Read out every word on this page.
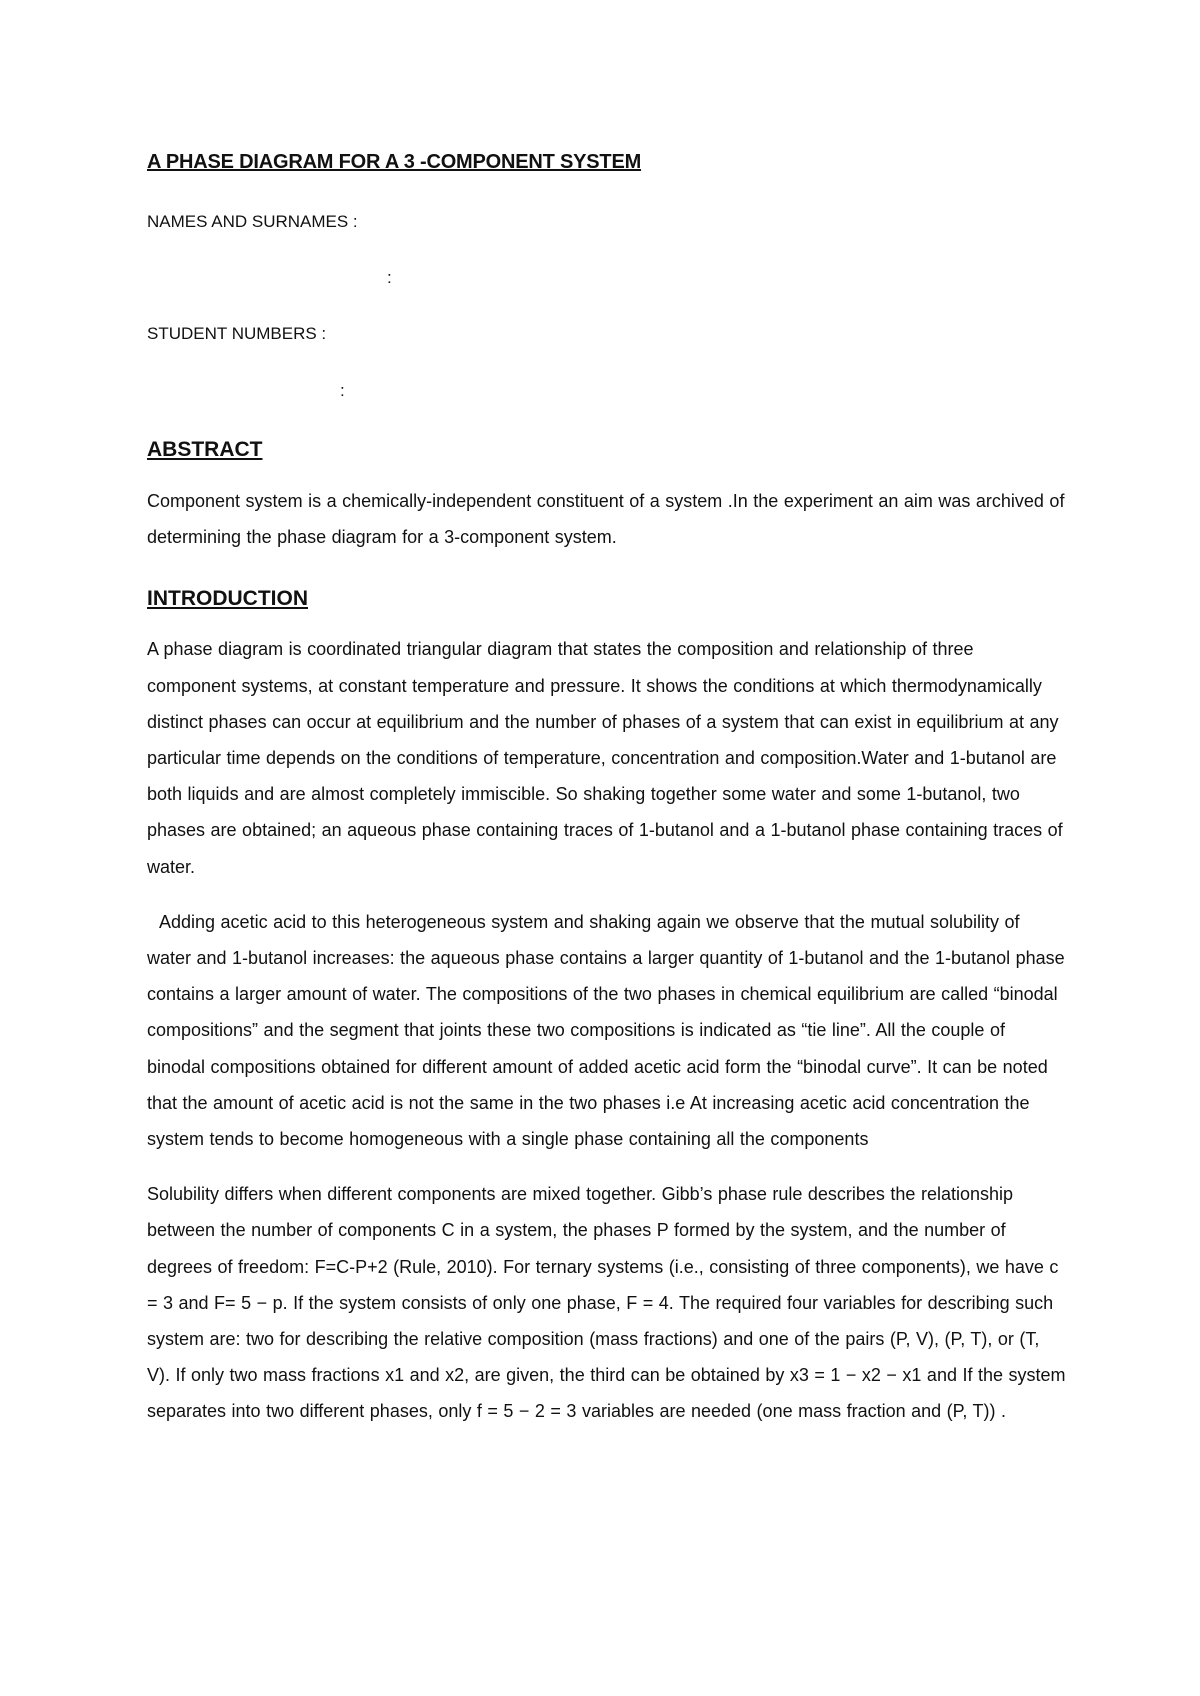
A PHASE DIAGRAM FOR A 3 -COMPONENT SYSTEM

NAMES AND SURNAMES :

:

STUDENT NUMBERS :

:

ABSTRACT

Component system is a chemically-independent constituent of a system .In the experiment an aim was archived of determining the phase diagram for a 3-component system.

INTRODUCTION

A phase diagram is coordinated triangular diagram that states the composition and relationship of three component systems, at constant temperature and pressure. It shows the conditions at which thermodynamically distinct phases can occur at equilibrium and the number of phases of a system that can exist in equilibrium at any particular time depends on the conditions of temperature, concentration and composition.Water and 1-butanol are both liquids and are almost completely immiscible. So shaking together some water and some 1-butanol, two phases are obtained; an aqueous phase containing traces of 1-butanol and a 1-butanol phase containing traces of water.

Adding acetic acid to this heterogeneous system and shaking again we observe that the mutual solubility of water and 1-butanol increases: the aqueous phase contains a larger quantity of 1-butanol and the 1-butanol phase contains a larger amount of water. The compositions of the two phases in chemical equilibrium are called “binodal compositions” and the segment that joints these two compositions is indicated as “tie line”. All the couple of binodal compositions obtained for different amount of added acetic acid form the “binodal curve”. It can be noted that the amount of acetic acid is not the same in the two phases i.e At increasing acetic acid concentration the system tends to become homogeneous with a single phase containing all the components

Solubility differs when different components are mixed together. Gibb’s phase rule describes the relationship between the number of components C in a system, the phases P formed by the system, and the number of degrees of freedom: F=C-P+2 (Rule, 2010). For ternary systems (i.e., consisting of three components), we have c = 3 and F= 5 − p. If the system consists of only one phase, F = 4. The required four variables for describing such system are: two for describing the relative composition (mass fractions) and one of the pairs (P, V), (P, T), or (T, V). If only two mass fractions x1 and x2, are given, the third can be obtained by x3 = 1 − x2 − x1 and If the system separates into two different phases, only f = 5 − 2 = 3 variables are needed (one mass fraction and (P, T)) .
